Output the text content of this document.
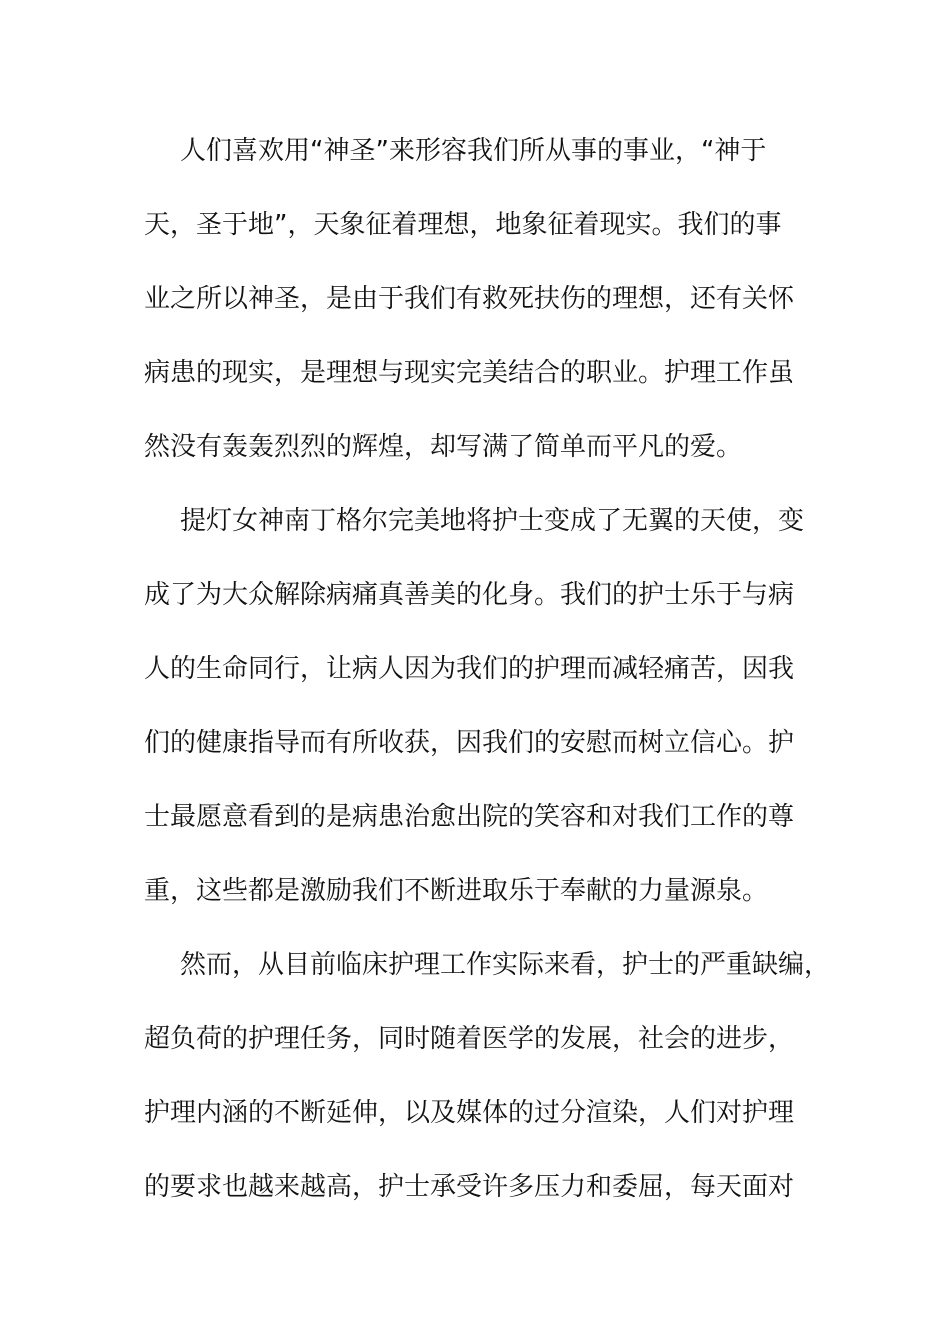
人们喜欢用“神圣”来形容我们所从事的事业，“神于
天，圣于地”，天象征着理想，地象征着现实。我们的事
业之所以神圣，是由于我们有救死扶伤的理想，还有关怀
病患的现实，是理想与现实完美结合的职业。护理工作虽
然没有轰轰烈烈的辉煌，却写满了简单而平凡的爱。
提灯女神南丁格尔完美地将护士变成了无翼的天使，变
成了为大众解除病痛真善美的化身。我们的护士乐于与病
人的生命同行，让病人因为我们的护理而减轻痛苦，因我
们的健康指导而有所收获，因我们的安慰而树立信心。护
士最愿意看到的是病患治愈出院的笑容和对我们工作的尊
重，这些都是激励我们不断进取乐于奉献的力量源泉。
然而，从目前临床护理工作实际来看，护士的严重缺编，
超负荷的护理任务，同时随着医学的发展，社会的进步，
护理内涵的不断延伸，以及媒体的过分渲染，人们对护理
的要求也越来越高，护士承受许多压力和委屈，每天面对
